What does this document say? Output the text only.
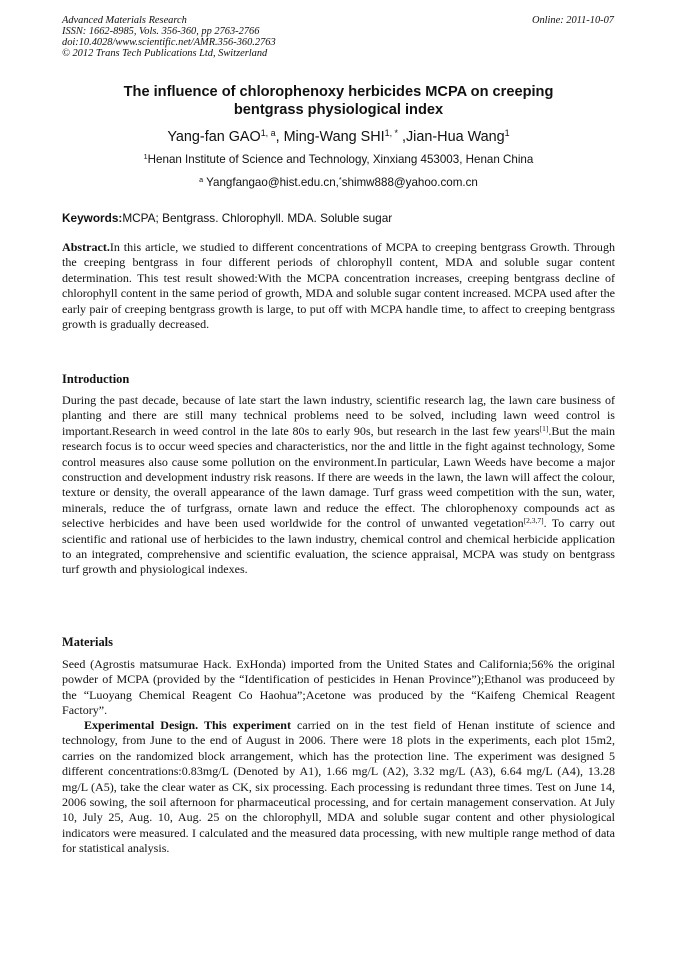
Advanced Materials Research
ISSN: 1662-8985, Vols. 356-360, pp 2763-2766
doi:10.4028/www.scientific.net/AMR.356-360.2763
© 2012 Trans Tech Publications Ltd, Switzerland
Online: 2011-10-07
The influence of chlorophenoxy herbicides MCPA on creeping
bentgrass physiological index
Yang-fan GAO$^{1, a}$, Ming-Wang $SHI^{1, *}$ ,Jian-Hua Wang$^1$
$^1$Henan Institute of Science and Technology, Xinxiang 453003, Henan China
$^a$ Yangfangao@hist.edu.cn,*shimw888@yahoo.com.cn
Keywords:MCPA; Bentgrass. Chlorophyll. MDA. Soluble sugar
Abstract.In this article, we studied to different concentrations of MCPA to creeping bentgrass Growth. Through the creeping bentgrass in four different periods of chlorophyll content, MDA and soluble sugar content determination. This test result showed:With the MCPA concentration increases, creeping bentgrass decline of chlorophyll content in the same period of growth, MDA and soluble sugar content increased. MCPA used after the early pair of creeping bentgrass growth is large, to put off with MCPA handle time, to affect to creeping bentgrass growth is gradually decreased.
Introduction
During the past decade, because of late start the lawn industry, scientific research lag, the lawn care business of planting and there are still many technical problems need to be solved, including lawn weed control is important.Research in weed control in the late 80s to early 90s, but research in the last few years[1].But the main research focus is to occur weed species and characteristics, nor the and little in the fight against technology, Some control measures also cause some pollution on the environment.In particular, Lawn Weeds have become a major construction and development industry risk reasons. If there are weeds in the lawn, the lawn will affect the colour, texture or density, the overall appearance of the lawn damage. Turf grass weed competition with the sun, water, minerals, reduce the of turfgrass, ornate lawn and reduce the effect. The chlorophenoxy compounds act as selective herbicides and have been used worldwide for the control of unwanted vegetation[2,3,7]. To carry out scientific and rational use of herbicides to the lawn industry, chemical control and chemical herbicide application to an integrated, comprehensive and scientific evaluation, the science appraisal, MCPA was study on bentgrass turf growth and physiological indexes.
Materials
Seed (Agrostis matsumurae Hack. ExHonda) imported from the United States and California;56% the original powder of MCPA (provided by the “Identification of pesticides in Henan Province”);Ethanol was produceed by the “Luoyang Chemical Reagent Co Haohua”;Acetone was produced by the “Kaifeng Chemical Reagent Factory”.
Experimental Design. This experiment carried on in the test field of Henan institute of science and technology, from June to the end of August in 2006. There were 18 plots in the experiments, each plot 15m2, carries on the randomized block arrangement, which has the protection line. The experiment was designed 5 different concentrations:0.83mg/L (Denoted by A1), 1.66 mg/L (A2), 3.32 mg/L (A3), 6.64 mg/L (A4), 13.28 mg/L (A5), take the clear water as CK, six processing. Each processing is redundant three times. Test on June 14, 2006 sowing, the soil afternoon for pharmaceutical processing, and for certain management conservation. At July 10, July 25, Aug. 10, Aug. 25 on the chlorophyll, MDA and soluble sugar content and other physiological indicators were measured. I calculated and the measured data processing, with new multiple range method of data for statistical analysis.
